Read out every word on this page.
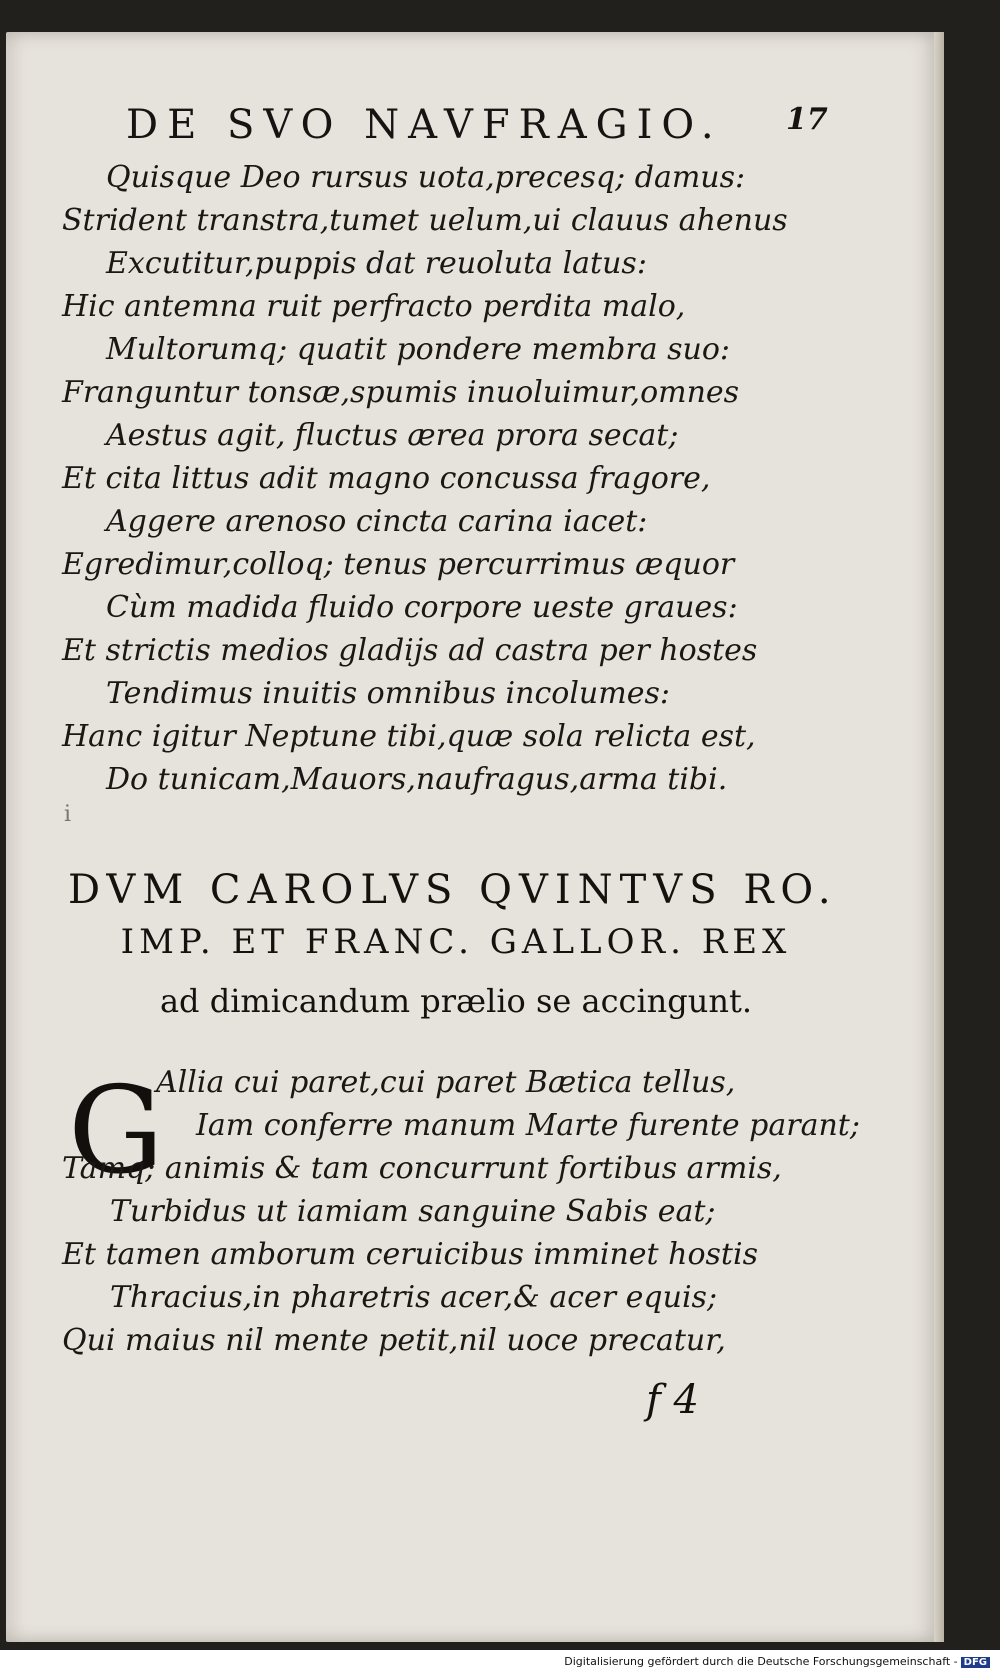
DE SVO NAVFRAGIO. 17
Quisque Deo rursus uota,precesq; damus:
Strident transtra,tumet uelum,ui clauus ahenus
Excutitur,puppis dat reuoluta latus:
Hic antemna ruit perfracto perdita malo,
Multorumq; quatit pondere membra suo:
Franguntur tonsæ,spumis inuoluimur,omnes
Aestus agit, fluctus ærea prora secat;
Et cita littus adit magno concussa fragore,
Aggere arenoso cincta carina iacet:
Egredimur,colloq; tenus percurrimus æquor
Cùm madida fluido corpore ueste graues:
Et strictis medios gladijs ad castra per hostes
Tendimus inuitis omnibus incolumes:
Hanc igitur Neptune tibi,quæ sola relicta est,
Do tunicam,Mauors,naufragus,arma tibi.
i
DVM CAROLVS QVINTVS RO.
IMP. ET FRANC. GALLOR. REX
ad dimicandum prælio se accingunt.
G
Allia cui paret,cui paret Bætica tellus,
Iam conferre manum Marte furente parant;
Tamq; animis & tam concurrunt fortibus armis,
Turbidus ut iamiam sanguine Sabis eat;
Et tamen amborum ceruicibus imminet hostis
Thracius,in pharetris acer,& acer equis;
Qui maius nil mente petit,nil uoce precatur,
f 4
Digitalisierung gefördert durch die Deutsche Forschungsgemeinschaft - DFG
